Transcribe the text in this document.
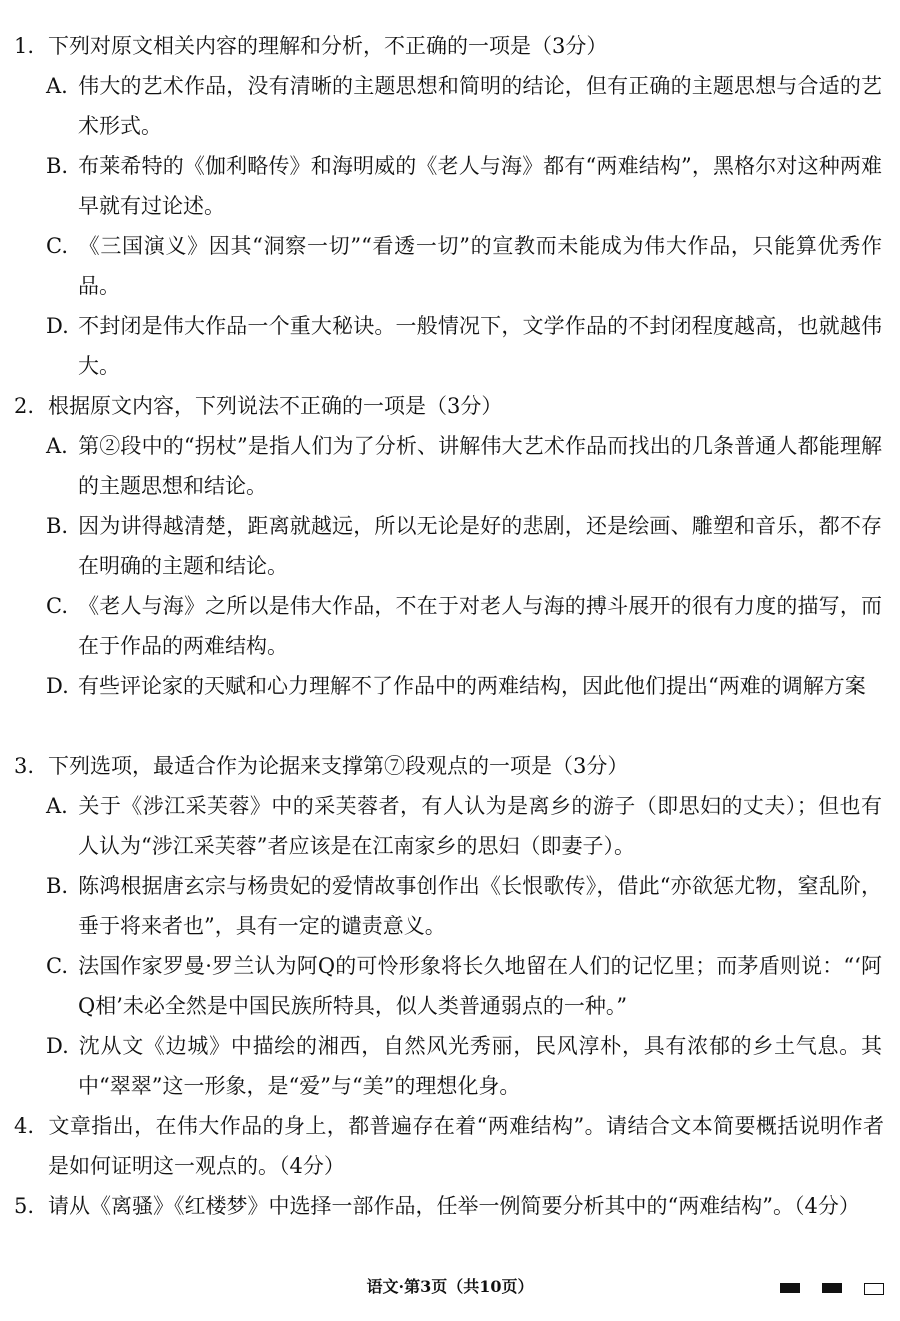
1. 下列对原文相关内容的理解和分析，不正确的一项是（3分）
A. 伟大的艺术作品，没有清晰的主题思想和简明的结论，但有正确的主题思想与合适的艺术形式。
B. 布莱希特的《伽利略传》和海明威的《老人与海》都有“两难结构”，黑格尔对这种两难早就有过论述。
C. 《三国演义》因其“洞察一切”“看透一切”的宣教而未能成为伟大作品，只能算优秀作品。
D. 不封闭是伟大作品一个重大秘诀。一般情况下，文学作品的不封闭程度越高，也就越伟大。
2. 根据原文内容，下列说法不正确的一项是（3分）
A. 第②段中的“拐杖”是指人们为了分析、讲解伟大艺术作品而找出的几条普通人都能理解的主题思想和结论。
B. 因为讲得越清楚，距离就越远，所以无论是好的悲剧，还是绘画、雕塑和音乐，都不存在明确的主题和结论。
C. 《老人与海》之所以是伟大作品，不在于对老人与海的搏斗展开的很有力度的描写，而在于作品的两难结构。
D. 有些评论家的天赋和心力理解不了作品中的两难结构，因此他们提出“两难的调解方案
3. 下列选项，最适合作为论据来支撑第⑦段观点的一项是（3分）
A. 关于《涉江采芙蓉》中的采芙蓉者，有人认为是离乡的游子（即思妇的丈夫）；但也有人认为“涉江采芙蓉”者应该是在江南家乡的思妇（即妻子）。
B. 陈鸿根据唐玄宗与杨贵妃的爱情故事创作出《长恨歌传》，借此“亦欲惩尤物，窒乱阶，垂于将来者也”，具有一定的谴责意义。
C. 法国作家罗曼·罗兰认为阿Q的可怜形象将长久地留在人们的记忆里；而茅盾则说：“‘阿Q相’未必全然是中国民族所特具，似人类普通弱点的一种。”
D. 沈从文《边城》中描绘的湘西，自然风光秀丽，民风淳朴，具有浓郁的乡土气息。其中“翠翠”这一形象，是“爱”与“美”的理想化身。
4. 文章指出，在伟大作品的身上，都普遍存在着“两难结构”。请结合文本简要概括说明作者是如何证明这一观点的。（4分）
5. 请从《离骚》《红楼梦》中选择一部作品，任举一例简要分析其中的“两难结构”。（4分）
语文·第3页（共10页）
